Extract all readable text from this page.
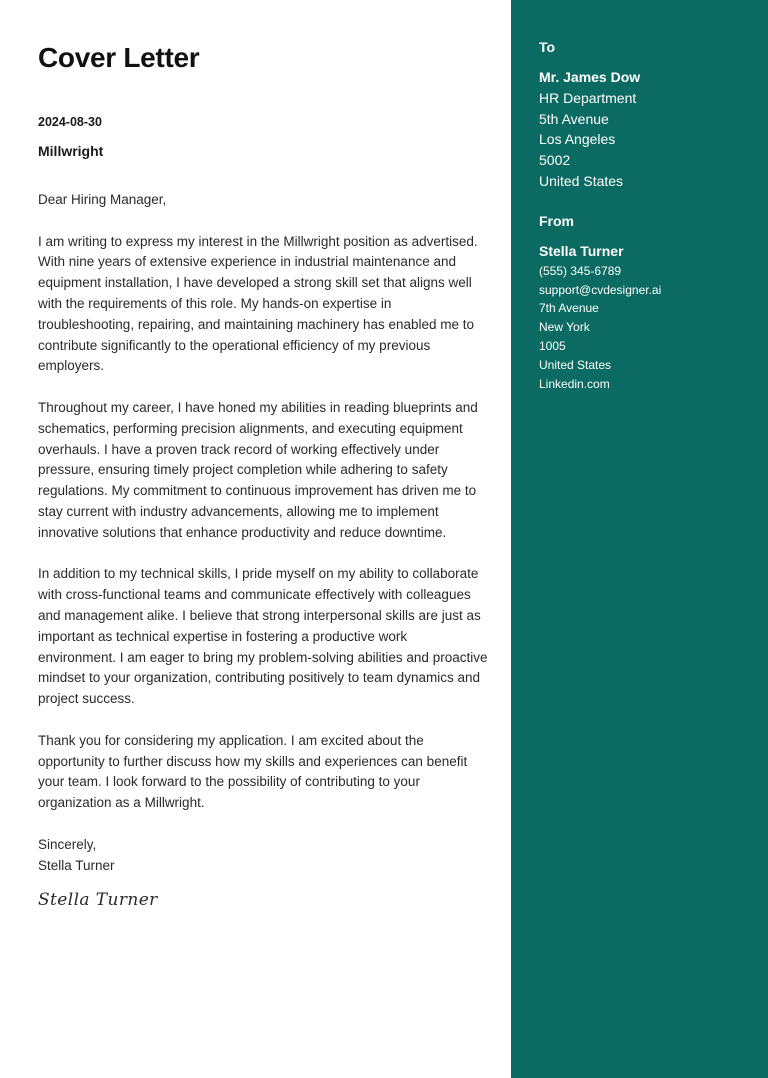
Cover Letter
2024-08-30
Millwright

Dear Hiring Manager,

I am writing to express my interest in the Millwright position as advertised. With nine years of extensive experience in industrial maintenance and equipment installation, I have developed a strong skill set that aligns well with the requirements of this role. My hands-on expertise in troubleshooting, repairing, and maintaining machinery has enabled me to contribute significantly to the operational efficiency of my previous employers.

Throughout my career, I have honed my abilities in reading blueprints and schematics, performing precision alignments, and executing equipment overhauls. I have a proven track record of working effectively under pressure, ensuring timely project completion while adhering to safety regulations. My commitment to continuous improvement has driven me to stay current with industry advancements, allowing me to implement innovative solutions that enhance productivity and reduce downtime.

In addition to my technical skills, I pride myself on my ability to collaborate with cross-functional teams and communicate effectively with colleagues and management alike. I believe that strong interpersonal skills are just as important as technical expertise in fostering a productive work environment. I am eager to bring my problem-solving abilities and proactive mindset to your organization, contributing positively to team dynamics and project success.

Thank you for considering my application. I am excited about the opportunity to further discuss how my skills and experiences can benefit your team. I look forward to the possibility of contributing to your organization as a Millwright.

Sincerely,
Stella Turner
Stella Turner
To
Mr. James Dow
HR Department
5th Avenue
Los Angeles
5002
United States
From
Stella Turner
(555) 345-6789
support@cvdesigner.ai
7th Avenue
New York
1005
United States
Linkedin.com
